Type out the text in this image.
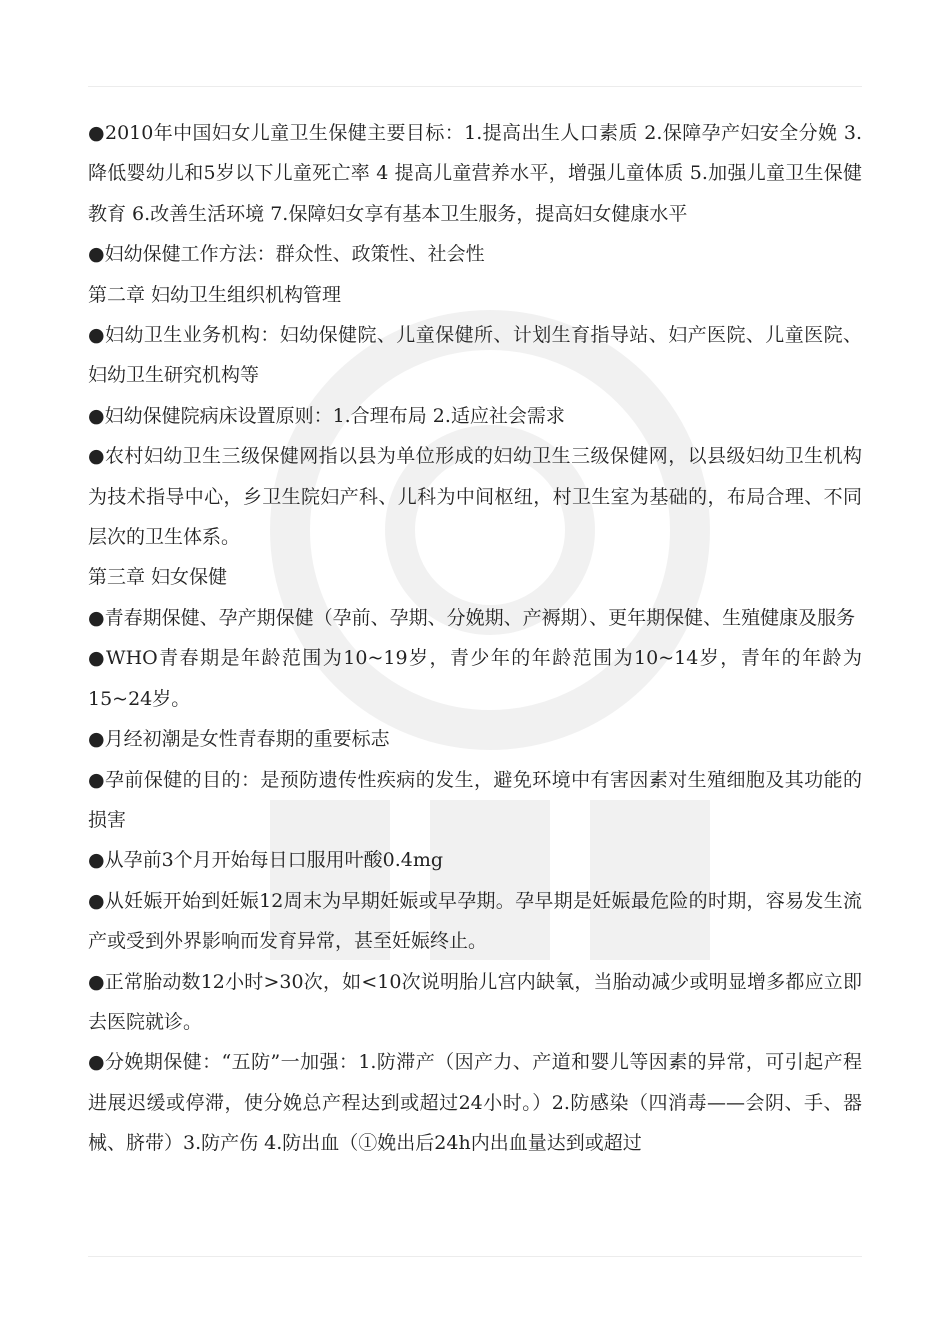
●2010年中国妇女儿童卫生保健主要目标：1.提高出生人口素质 2.保障孕产妇安全分娩 3.降低婴幼儿和5岁以下儿童死亡率 4 提高儿童营养水平，增强儿童体质 5.加强儿童卫生保健教育 6.改善生活环境 7.保障妇女享有基本卫生服务，提高妇女健康水平

●妇幼保健工作方法：群众性、政策性、社会性

第二章 妇幼卫生组织机构管理

●妇幼卫生业务机构：妇幼保健院、儿童保健所、计划生育指导站、妇产医院、儿童医院、妇幼卫生研究机构等

●妇幼保健院病床设置原则：1.合理布局 2.适应社会需求

●农村妇幼卫生三级保健网指以县为单位形成的妇幼卫生三级保健网，以县级妇幼卫生机构为技术指导中心，乡卫生院妇产科、儿科为中间枢纽，村卫生室为基础的，布局合理、不同层次的卫生体系。

第三章 妇女保健

●青春期保健、孕产期保健（孕前、孕期、分娩期、产褥期）、更年期保健、生殖健康及服务

●WHO青春期是年龄范围为10~19岁，青少年的年龄范围为10~14岁，青年的年龄为15~24岁。

●月经初潮是女性青春期的重要标志

●孕前保健的目的：是预防遗传性疾病的发生，避免环境中有害因素对生殖细胞及其功能的损害

●从孕前3个月开始每日口服用叶酸0.4mg

●从妊娠开始到妊娠12周末为早期妊娠或早孕期。孕早期是妊娠最危险的时期，容易发生流产或受到外界影响而发育异常，甚至妊娠终止。

●正常胎动数12小时>30次，如<10次说明胎儿宫内缺氧，当胎动减少或明显增多都应立即去医院就诊。

●分娩期保健：“五防”一加强：1.防滞产（因产力、产道和婴儿等因素的异常，可引起产程进展迟缓或停滞，使分娩总产程达到或超过24小时。）2.防感染（四消毒——会阴、手、器械、脐带）3.防产伤 4.防出血（①娩出后24h内出血量达到或超过
